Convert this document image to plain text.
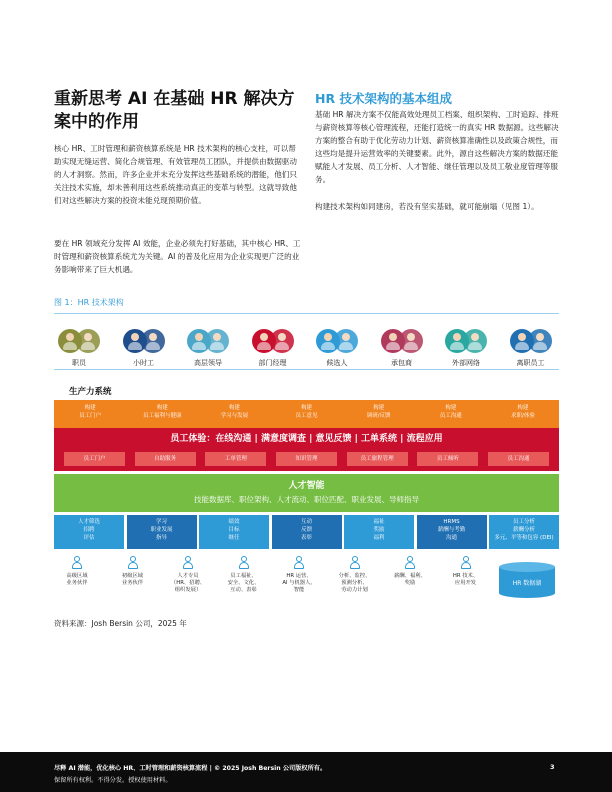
重新思考 AI 在基础 HR 解决方案中的作用
核心 HR、工时管理和薪资核算系统是 HR 技术架构的核心支柱，可以帮助实现无缝运营、简化合规管理、有效管理员工团队，并提供由数据驱动的人才洞察。然而，许多企业并未充分发挥这些基础系统的潜能，他们只关注技术实施，却未善利用这些系统推动真正的变革与转型。这就导致他们对这些解决方案的投资未能兑现预期价值。
要在 HR 领域充分发挥 AI 效能，企业必须先打好基础，其中核心 HR、工时管理和薪资核算系统尤为关键。AI 的普及化应用为企业实现更广泛的业务影响带来了巨大机遇。
HR 技术架构的基本组成
基础 HR 解决方案不仅能高效处理员工档案、组织架构、工时追踪、排班与薪资核算等核心管理流程，还能打造统一的真实 HR 数据源。这些解决方案的整合有助于优化劳动力计划、薪资核算准确性以及政策合规性，而这些均是提升运营效率的关键要素。此外，源自这些解决方案的数据还能赋能人才发展、员工分析、人才智能、继任管理以及员工敬业度管理等服务。
构建技术架构如同建房，若没有坚实基础，就可能崩塌（见图 1）。
图 1：HR 技术架构
职员	小时工	高层领导	部门经理	候选人	承包商	外部网络	离职员工
生产力系统
构建
员工门户
构建
员工福利与健康
构建
学习与发展
构建
员工意见
构建
调研/反馈
构建
员工沟通
构建
求职/体验
员工体验：在线沟通 | 满意度调查 | 意见反馈 | 工单系统 | 流程应用
员工门户	自助服务	工单管理	知识管理	员工旅程管理	员工倾听	员工沟通
人才智能
技能数据库、职位架构、人才流动、职位匹配、职业发展、导师指导
人才筛选
招聘
评估
学习
职业发展
指导
绩效
目标
继任
互动
反馈
表彰
福祉
奖励
福利
HRMS
薪酬与考勤
沟通
员工分析
薪酬分析
多元、平等和包容 (DEI)
高级区域
业务伙伴
初级区域
业务伙伴
人才专员
（HR、招聘、
组织发展）
员工福祉、
安全、文化、
互动、表彰
HR 运营、
AI 与机器人、
智能
分析、监控、
预测分析、
劳动力计划
薪酬、福利、
奖励
HR 技术、
应用开发	HR 数据湖
资料来源：Josh Bersin 公司，2025 年
尽释 AI 潜能，优化核心 HR、工时管理和薪资核算流程 | © 2025 Josh Bersin 公司版权所有。
保留所有权利。不得分发。授权使用材料。
3
